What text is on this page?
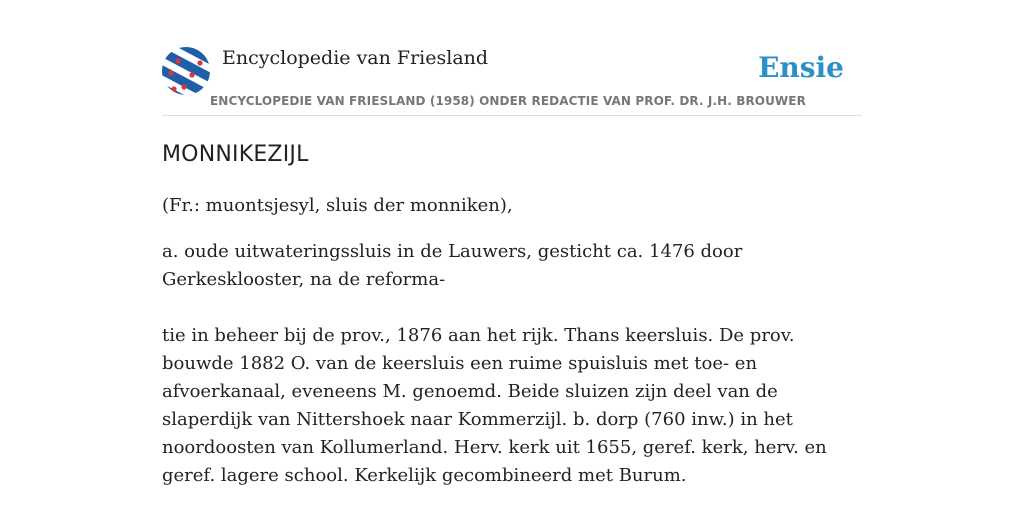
Encyclopedie van Friesland	Ensie
ENCYCLOPEDIE VAN FRIESLAND (1958) ONDER REDACTIE VAN PROF. DR. J.H. BROUWER
MONNIKEZIJL

(Fr.: muontsjesyl, sluis der monniken),

a. oude uitwateringssluis in de Lauwers, gesticht ca. 1476 door Gerkesklooster, na de reforma-

tie in beheer bij de prov., 1876 aan het rijk. Thans keersluis. De prov. bouwde 1882 O. van de keersluis een ruime spuisluis met toe- en afvoerkanaal, eveneens M. genoemd. Beide sluizen zijn deel van de slaperdijk van Nittershoek naar Kommerzijl. b. dorp (760 inw.) in het noordoosten van Kollumerland. Herv. kerk uit 1655, geref. kerk, herv. en geref. lagere school. Kerkelijk gecombineerd met Burum.
